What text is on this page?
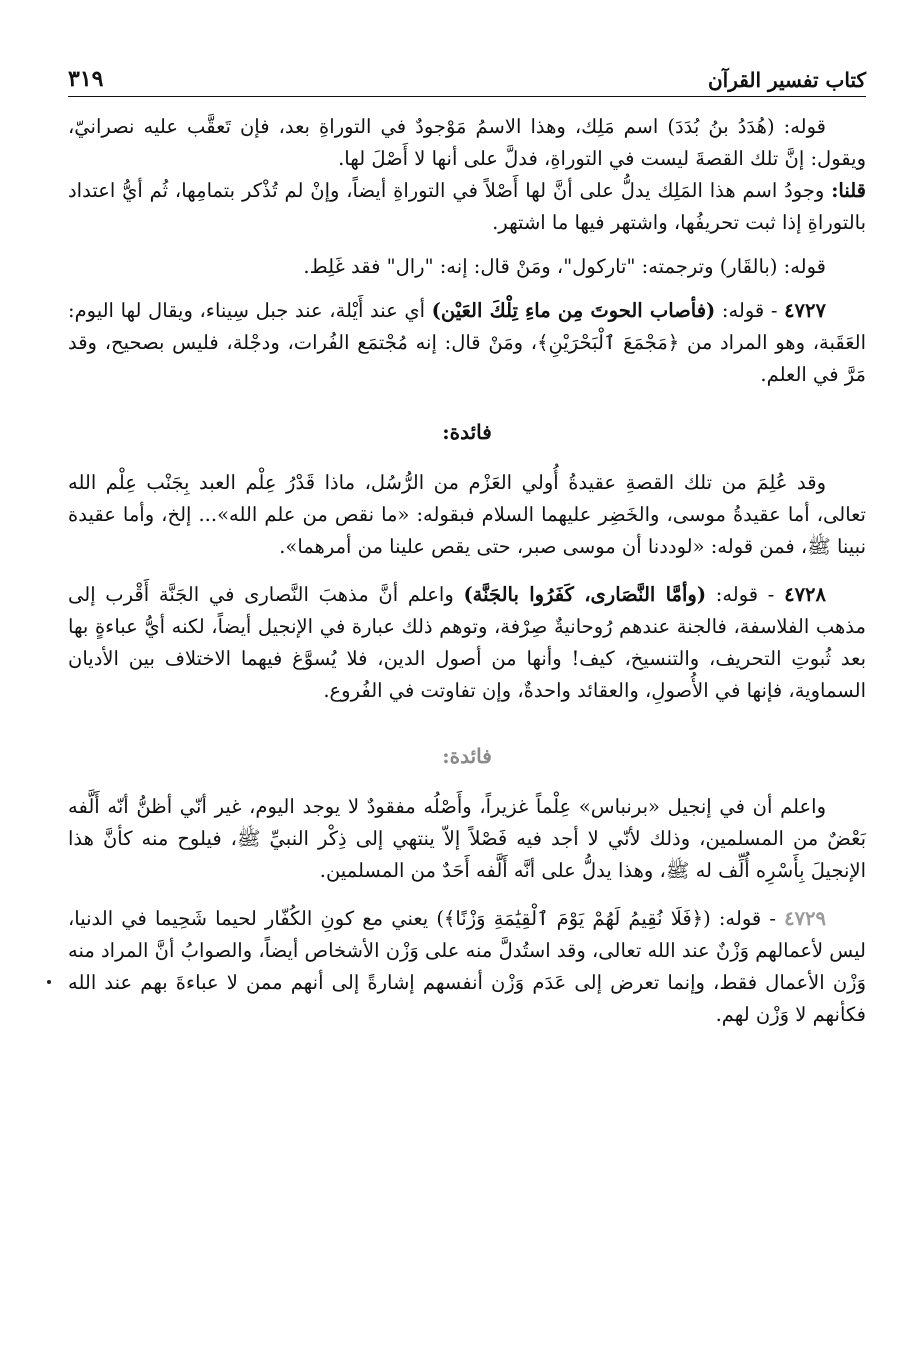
كتاب تفسير القرآن
٣١٩

قوله: (هُدَدُ بنُ بُدَدَ) اسم مَلِك، وهذا الاسمُ مَوْجودٌ في التوراةِ بعد، فإن تَعقَّب عليه نصرانيّ، ويقول: إنَّ تلك القصةَ ليست في التوراةِ، فدلَّ على أنها لا أَصْلَ لها.

قلنا: وجودُ اسم هذا المَلِك يدلُّ على أنَّ لها أَصْلاً في التوراةِ أيضاً، وإنْ لم تُذْكر بتمامِها، ثُم أيُّ اعتداد بالتوراةِ إذا ثبت تحريفُها، واشتهر فيها ما اشتهر.

قوله: (بالقَار) وترجمته: "تاركول"، ومَنْ قال: إنه: "رال" فقد غَلِط.

٤٧٢٧ - قوله: (فأصاب الحوتَ مِن ماءِ تِلْكَ العَيْن) أي عند أَيْلة، عند جبل سِيناء، ويقال لها اليوم: العَقَبة، وهو المراد من ﴿مَجْمَعَ ٱلْبَحْرَيْنِ﴾، ومَنْ قال: إنه مُجْتمَع الفُرات، ودجْلة، فليس بصحيح، وقد مَرَّ في العلم.

فائدة:

وقد عُلِمَ من تلك القصةِ عقيدةُ أُولي العَزْم من الرُّسُل، ماذا قَدْرُ عِلْم العبد بِجَنْب عِلْم الله تعالى، أما عقيدةُ موسى، والخَضِر عليهما السلام فبقوله: «ما نقص من علم الله»... إلخ، وأما عقيدة نبينا ﷺ، فمن قوله: «لوددنا أن موسى صبر، حتى يقص علينا من أمرهما».

٤٧٢٨ - قوله: (وأمَّا النَّصَارى، كَفَرُوا بالجَنَّة) واعلم أنَّ مذهبَ النَّصارى في الجَنَّة أَقْرب إلى مذهب الفلاسفة، فالجنة عندهم رُوحانيةٌ صِرْفة، وتوهم ذلك عبارة في الإنجيل أيضاً، لكنه أيُّ عباءةٍ بها بعد ثُبوتِ التحريف، والتنسيخ، كيف! وأنها من أصول الدين، فلا يُسوَّغ فيهما الاختلاف بين الأديان السماوية، فإنها في الأُصولِ، والعقائد واحدةٌ، وإن تفاوتت في الفُروع.

فائدة:

واعلم أن في إنجيل «برنباس» عِلْماً غزيراً، وأَصْلُه مفقودٌ لا يوجد اليوم، غير أنّي أظنُّ أنّه أَلَّفه بَعْضٌ من المسلمين، وذلك لأنّي لا أجد فيه فَصْلاً إلاّ ينتهي إلى ذِكْر النبيِّ ﷺ، فيلوح منه كأنَّ هذا الإنجيلَ بِأَسْرِه أُلِّف له ﷺ، وهذا يدلُّ على أنَّه أَلَّفه أَحَدٌ من المسلمين.

٤٧٢٩ - قوله: (﴿فَلَا نُقِيمُ لَهُمْ يَوْمَ ٱلْقِيَٰمَةِ وَزْنًا﴾) يعني مع كونِ الكُفّار لحيما شَحِيما في الدنيا، ليس لأعمالهم وَزْنٌ عند الله تعالى، وقد استُدلَّ منه على وَزْن الأشخاص أيضاً، والصوابُ أنَّ المراد منه وَزْن الأعمال فقط، وإنما تعرض إلى عَدَم وَزْن أنفسهم إشارةً إلى أنهم ممن لا عباءةَ بهم عند الله فكأنهم لا وَزْن لهم.
